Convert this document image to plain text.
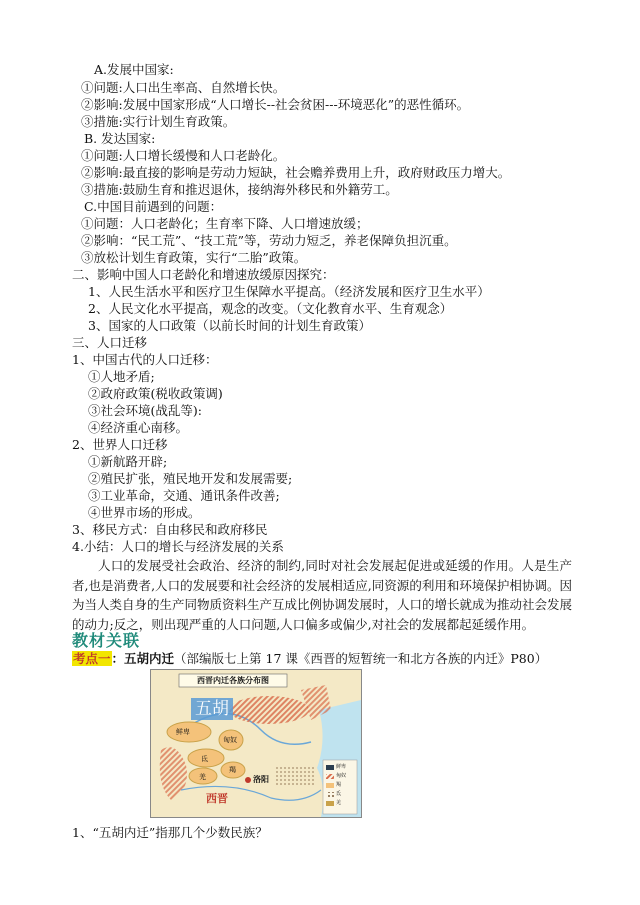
A.发展中国家:
①问题:人口出生率高、自然增长快。
②影响:发展中国家形成“人口增长--社会贫困---环境恶化”的恶性循环。
③措施:实行计划生育政策。
B. 发达国家:
①问题:人口增长缓慢和人口老龄化。
②影响:最直接的影响是劳动力短缺，社会赡养费用上升，政府财政压力增大。
③措施:鼓励生育和推迟退休，接纳海外移民和外籍劳工。
C.中国目前遇到的问题：
①问题：人口老龄化；生育率下降、人口增速放缓；
②影响：“民工荒”、“技工荒”等，劳动力短乏，养老保障负担沉重。
③放松计划生育政策，实行“二胎”政策。
二、影响中国人口老龄化和增速放缓原因探究：
1、人民生活水平和医疗卫生保障水平提高。（经济发展和医疗卫生水平）
2、人民文化水平提高，观念的改变。（文化教育水平、生育观念）
3、国家的人口政策（以前长时间的计划生育政策）
三、人口迁移
1、中国古代的人口迁移：
①人地矛盾;
②政府政策(税收政策调)
③社会环境(战乱等):
④经济重心南移。
2、世界人口迁移
①新航路开辟;
②殖民扩张，殖民地开发和发展需要;
③工业革命，交通、通讯条件改善;
④世界市场的形成。
3、移民方式：自由移民和政府移民
4.小结：人口的增长与经济发展的关系
人口的发展受社会政治、经济的制约,同时对社会发展起促进或延缓的作用。人是生产者,也是消费者,人口的发展要和社会经济的发展相适应,同资源的利用和环境保护相协调。因为当人类自身的生产同物质资料生产互成比例协调发展时，人口的增长就成为推动社会发展的动力;反之，则出现严重的人口问题,人口偏多或偏少,对社会的发展都起延缓作用。
教材关联
考点一：五胡内迁（部编版七上第 17 课《西晋的短暂统一和北方各族的内迁》P80）
西晋内迁各族分布图
五胡
鲜卑
匈奴
羯
氐
羌	洛阳
西晋
鲜卑
匈奴
羯
氐
羌
1、“五胡内迁”指那几个少数民族？
